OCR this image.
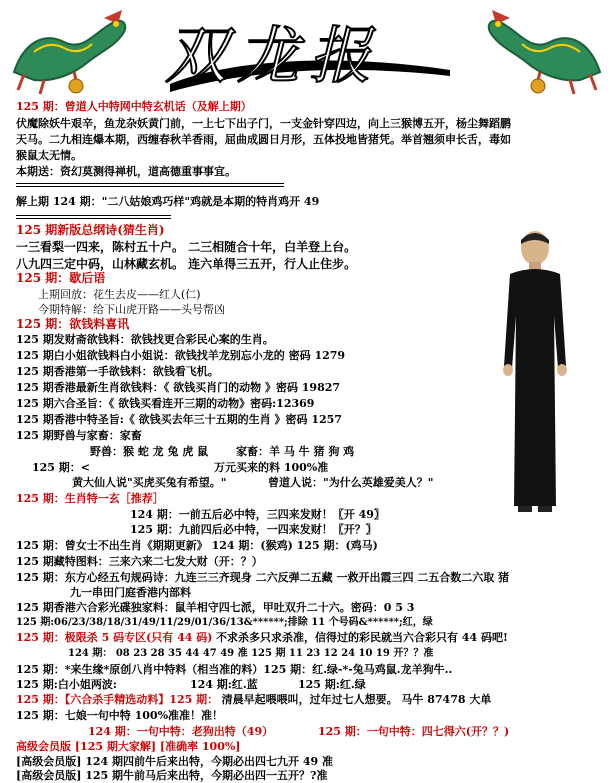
双龙报
125 期：曾道人中特网中特玄机话（及解上期）
伏魔除妖牛艰辛，鱼龙杂妖黄门前，一上七下出子门，一支金针穿四边，向上三猴博五开，杨尘舞蹈鹏
天马。二九相连爆本期，西缠春秋羊香雨，屈曲成圆日月形，五体投地皆猪凭。举首翘须申长舌，毒如
猴鼠太无情。
本期送：资幻莫测得禅机，道高德重事事宜。
解上期 124 期："二八姑娘鸡巧样"鸡就是本期的特肖鸡开 49
125 期新版总纲诗(猜生肖)
一三看梨一四来，陈村五十户。 二三相随合十年，白羊登上台。
八九四三定中码，山林藏玄机。 连六单得三五开，行人止住步。
125 期：歇后语
上期回放：花生去皮——红人(仁)
今期特解：给下山虎开路——头号帮凶
125 期：欲钱料喜讯
125 期发财斋欲钱料：欲钱找更合彩民心案的生肖。
125 期白小姐欲钱料白小姐说：欲钱找羊龙别忘小龙的 密码 1279
125 期香港第一手欲钱料：欲钱看飞机。
125 期香港最新生肖欲钱料：《 欲钱买肖门的动物 》密码 19827
125 期六合圣旨：《 欲钱买看连开三期的动物》密码:12369
125 期香港中特圣旨:《 欲钱买去年三十五期的生肖 》密码 1257
125 期野兽与家畜：家畜
野兽：猴 蛇 龙 兔 虎 鼠	家畜：羊 马 牛 猪 狗 鸡
125 期：<	万元买来的料 100%准
黄大仙人说"买虎买兔有希望。"	曾道人说："为什么英雄爱美人？"
125 期：生肖特一玄［推荐］
124 期：一前五后必中特，三四来发财！〖开 49〗
125 期：九前四后必中特，一四来发财！〖开？〗
125 期：曾女士不出生肖《期期更新》 124 期：(猴鸡) 125 期：(鸡马)
125 期藏特图料：三来六来二七发大财（开：？）
125 期：东方心经五句规码诗：九连三三齐现身 二六反弹二五藏 一救开出霞三四 二五合数二六取 猪
九一串田门庭香港内部料
125 期香港六合彩光碟独家料：鼠羊相守四七派，甲吐双升二十六。密码：0 5 3
125 期:06/23/38/18/31/49/11/29/01/36/13&******;排除 11 个号码&******;红，绿
125 期：极限杀 5 码专区(只有 44 码) 不求杀多只求杀准，信得过的彩民就当六合彩只有 44 码吧!
124 期： 08 23 28 35 44 47 49 准 125 期 11 23 12 24 10 19 开？？准
125 期：*来生缘*原创八肖中特料（相当准的料）125 期：红.绿-*-兔马鸡鼠.龙羊狗牛..
125 期:白小姐两波:	124 期:红.蓝	125 期:红.绿
125 期：【六合杀手精选动料】125 期： 清晨早起喂喂叫，过年过七人想要。 马牛 87478 大单
125 期：七娘一句中特 100%准准！准！
124 期：一句中特：老狗出特（49）	125 期：一句中特：四七得六(开？？)
高级会员版 [125 期大家解] [准确率 100%]
[高级会员版] 124 期四前牛后来出特，今期必出四七九开 49 准
[高级会员版] 125 期牛前马后来出特，今期必出四一五开？?准
